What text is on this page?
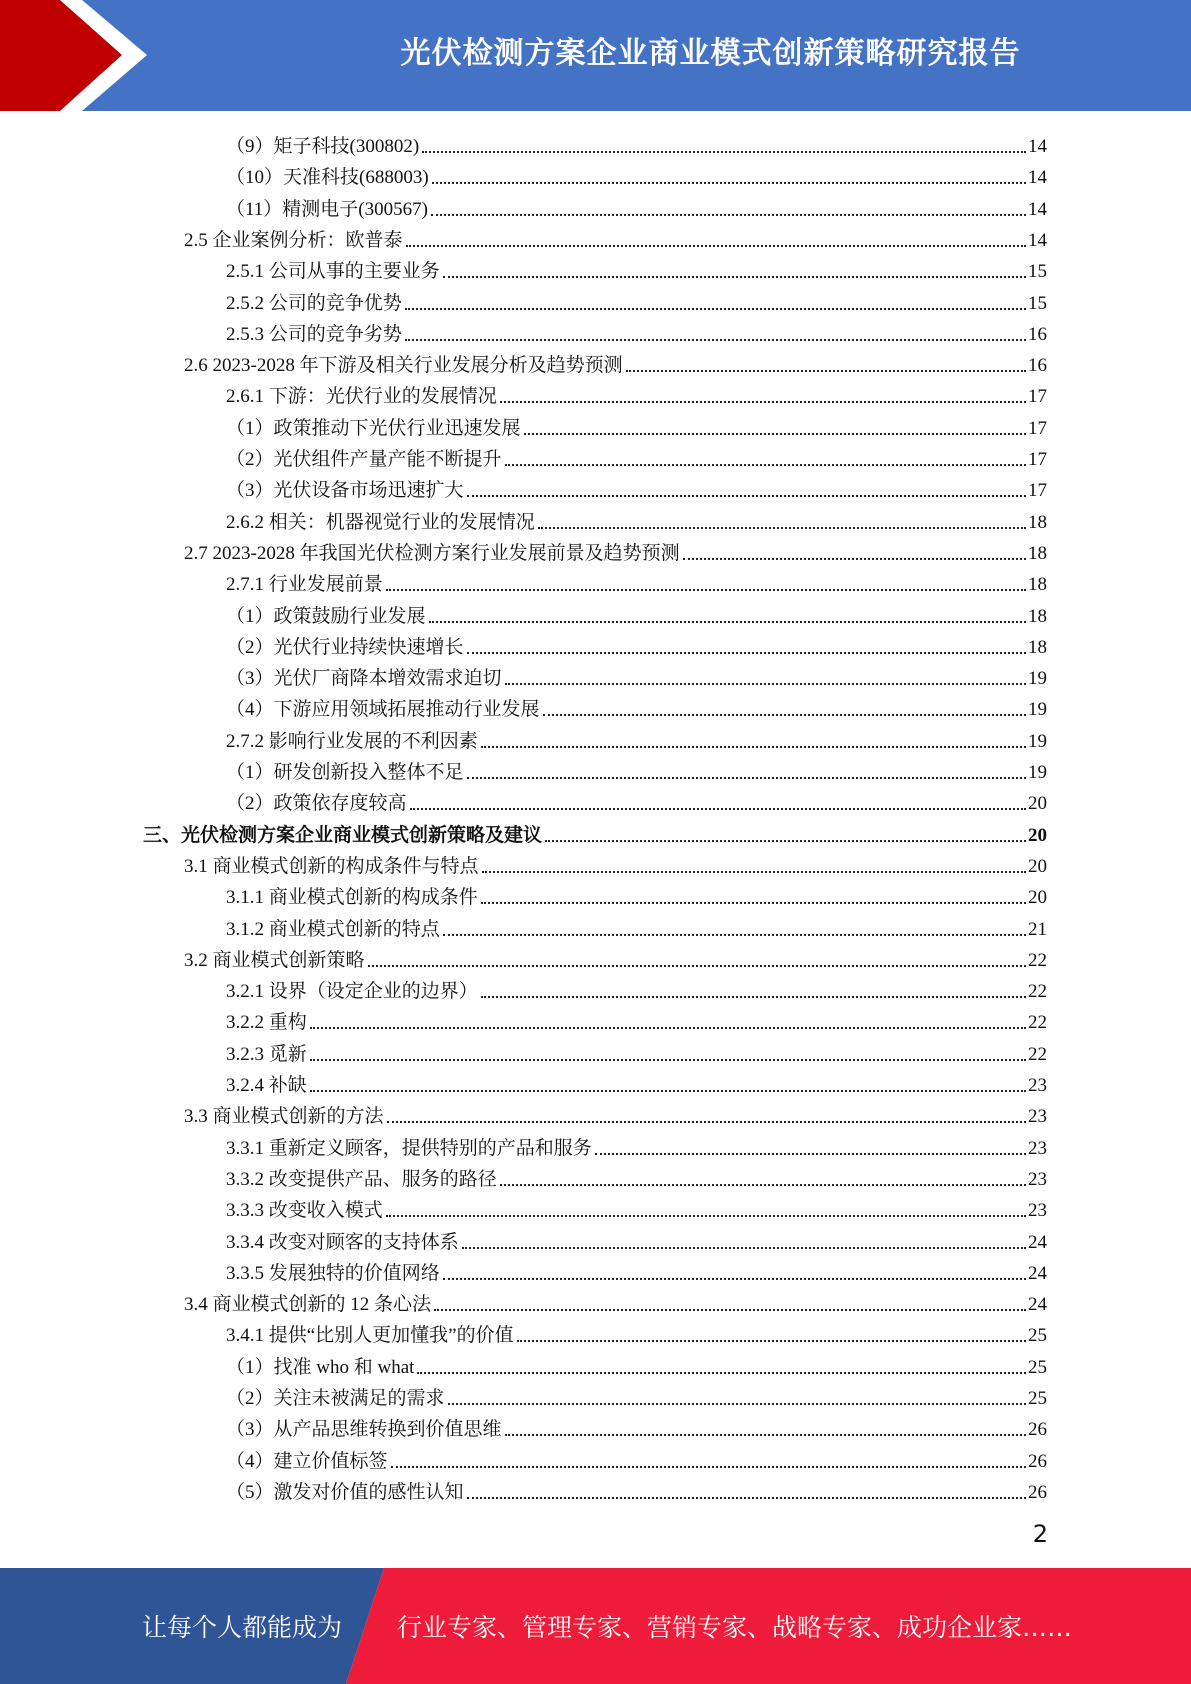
光伏检测方案企业商业模式创新策略研究报告
（9）矩子科技(300802)	14
（10）天准科技(688003)	14
（11）精测电子(300567)	14
2.5 企业案例分析：欧普泰	14
2.5.1 公司从事的主要业务	15
2.5.2 公司的竞争优势	15
2.5.3 公司的竞争劣势	16
2.6 2023-2028 年下游及相关行业发展分析及趋势预测	16
2.6.1 下游：光伏行业的发展情况	17
（1）政策推动下光伏行业迅速发展	17
（2）光伏组件产量产能不断提升	17
（3）光伏设备市场迅速扩大	17
2.6.2 相关：机器视觉行业的发展情况	18
2.7 2023-2028 年我国光伏检测方案行业发展前景及趋势预测	18
2.7.1 行业发展前景	18
（1）政策鼓励行业发展	18
（2）光伏行业持续快速增长	18
（3）光伏厂商降本增效需求迫切	19
（4）下游应用领域拓展推动行业发展	19
2.7.2 影响行业发展的不利因素	19
（1）研发创新投入整体不足	19
（2）政策依存度较高	20
三、光伏检测方案企业商业模式创新策略及建议	20
3.1 商业模式创新的构成条件与特点	20
3.1.1 商业模式创新的构成条件	20
3.1.2 商业模式创新的特点	21
3.2 商业模式创新策略	22
3.2.1 设界（设定企业的边界）	22
3.2.2 重构	22
3.2.3 觅新	22
3.2.4 补缺	23
3.3 商业模式创新的方法	23
3.3.1 重新定义顾客，提供特别的产品和服务	23
3.3.2 改变提供产品、服务的路径	23
3.3.3 改变收入模式	23
3.3.4 改变对顾客的支持体系	24
3.3.5 发展独特的价值网络	24
3.4 商业模式创新的 12 条心法	24
3.4.1 提供“比别人更加懂我”的价值	25
（1）找准 who 和 what	25
（2）关注未被满足的需求	25
（3）从产品思维转换到价值思维	26
（4）建立价值标签	26
（5）激发对价值的感性认知	26
2
让每个人都能成为 行业专家、管理专家、营销专家、战略专家、成功企业家……
